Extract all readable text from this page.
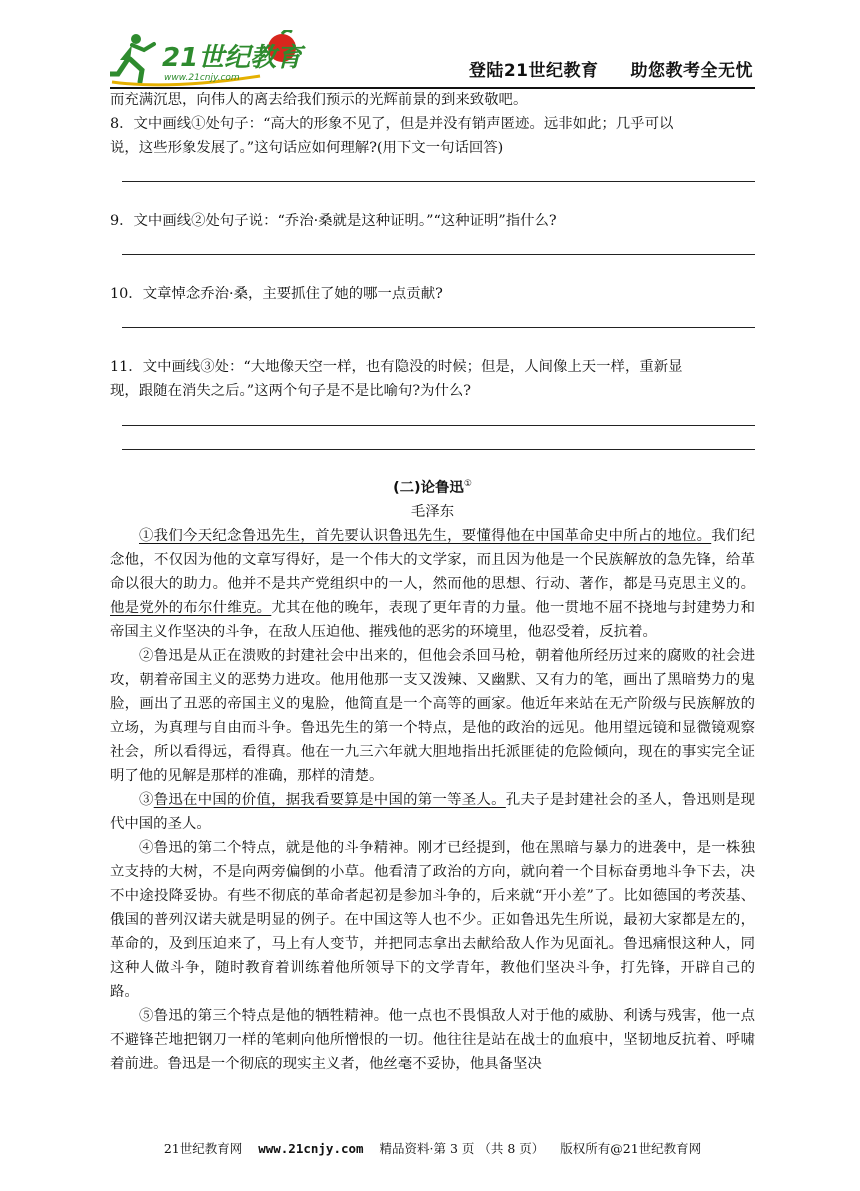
21世纪教育
www.21cnjy.com	登陆21世纪教育 助您教考全无忧

而充满沉思，向伟人的离去给我们预示的光辉前景的到来致敬吧。

8．文中画线①处句子：“高大的形象不见了，但是并没有销声匿迹。远非如此；几乎可以

说，这些形象发展了。”这句话应如何理解?(用下文一句话回答)

9．文中画线②处句子说：“乔治·桑就是这种证明。”“这种证明”指什么?

10．文章悼念乔治·桑，主要抓住了她的哪一点贡献?

11．文中画线③处：“大地像天空一样，也有隐没的时候；但是，人间像上天一样，重新显

现，跟随在消失之后。”这两个句子是不是比喻句?为什么?

(二)论鲁迅①
毛泽东

①我们今天纪念鲁迅先生，首先要认识鲁迅先生，要懂得他在中国革命史中所占的地位。我们纪念他，不仅因为他的文章写得好，是一个伟大的文学家，而且因为他是一个民族解放的急先锋，给革命以很大的助力。他并不是共产党组织中的一人，然而他的思想、行动、著作，都是马克思主义的。他是党外的布尔什维克。尤其在他的晚年，表现了更年青的力量。他一贯地不屈不挠地与封建势力和帝国主义作坚决的斗争，在敌人压迫他、摧残他的恶劣的环境里，他忍受着，反抗着。

②鲁迅是从正在溃败的封建社会中出来的，但他会杀回马枪，朝着他所经历过来的腐败的社会进攻，朝着帝国主义的恶势力进攻。他用他那一支又泼辣、又幽默、又有力的笔，画出了黑暗势力的鬼脸，画出了丑恶的帝国主义的鬼脸，他简直是一个高等的画家。他近年来站在无产阶级与民族解放的立场，为真理与自由而斗争。鲁迅先生的第一个特点，是他的政治的远见。他用望远镜和显微镜观察社会，所以看得远，看得真。他在一九三六年就大胆地指出托派匪徒的危险倾向，现在的事实完全证明了他的见解是那样的准确，那样的清楚。

③鲁迅在中国的价值，据我看要算是中国的第一等圣人。孔夫子是封建社会的圣人，鲁迅则是现代中国的圣人。

④鲁迅的第二个特点，就是他的斗争精神。刚才已经提到，他在黑暗与暴力的进袭中，是一株独立支持的大树，不是向两旁偏倒的小草。他看清了政治的方向，就向着一个目标奋勇地斗争下去，决不中途投降妥协。有些不彻底的革命者起初是参加斗争的，后来就“开小差”了。比如德国的考茨基、俄国的普列汉诺夫就是明显的例子。在中国这等人也不少。正如鲁迅先生所说，最初大家都是左的，革命的，及到压迫来了，马上有人变节，并把同志拿出去献给敌人作为见面礼。鲁迅痛恨这种人，同这种人做斗争，随时教育着训练着他所领导下的文学青年，教他们坚决斗争，打先锋，开辟自己的路。

⑤鲁迅的第三个特点是他的牺牲精神。他一点也不畏惧敌人对于他的威胁、利诱与残害，他一点不避锋芒地把钢刀一样的笔刺向他所憎恨的一切。他往往是站在战士的血痕中，坚韧地反抗着、呼啸着前进。鲁迅是一个彻底的现实主义者，他丝毫不妥协，他具备坚决

21世纪教育网 www.21cnjy.com 精品资料·第 3 页 （共 8 页） 版权所有@21世纪教育网
